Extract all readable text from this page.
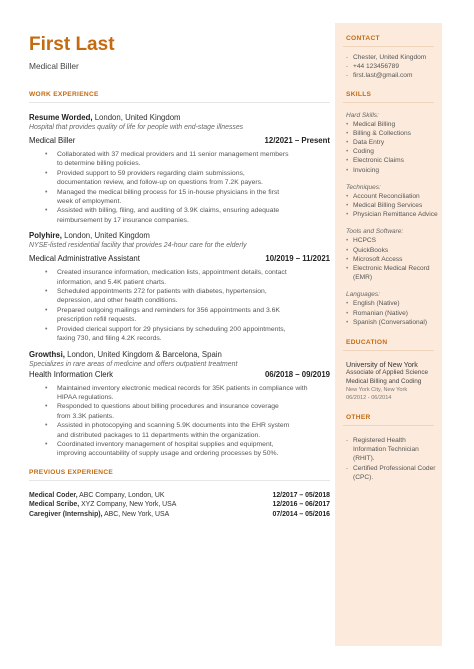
First Last
Medical Biller
WORK EXPERIENCE
Resume Worded, London, United Kingdom
Hospital that provides quality of life for people with end-stage illnesses
Medical Biller	12/2021 – Present
• Collaborated with 37 medical providers and 11 senior management members
to determine billing policies.
• Provided support to 59 providers regarding claim submissions,
documentation review, and follow-up on questions from 7.2K payers.
• Managed the medical billing process for 15 in-house physicians in the first
week of employment.
• Assisted with billing, filing, and auditing of 3.9K claims, ensuring adequate
reimbursement by 17 insurance companies.
Polyhire, London, United Kingdom
NYSE-listed residential facility that provides 24-hour care for the elderly
Medical Administrative Assistant	10/2019 – 11/2021
• Created insurance information, medication lists, appointment details, contact
information, and 5.4K patient charts.
• Scheduled appointments 272 for patients with diabetes, hypertension,
depression, and other health conditions.
• Prepared outgoing mailings and reminders for 356 appointments and 3.6K
prescription refill requests.
• Provided clerical support for 29 physicians by scheduling 200 appointments,
faxing 730, and filing 4.2K records.
Growthsi, London, United Kingdom & Barcelona, Spain
Specializes in rare areas of medicine and offers outpatient treatment
Health Information Clerk	06/2018 – 09/2019
• Maintained inventory electronic medical records for 35K patients in compliance with
HIPAA regulations.
• Responded to questions about billing procedures and insurance coverage
from 3.3K patients.
• Assisted in photocopying and scanning 5.9K documents into the EHR system
and distributed packages to 11 departments within the organization.
• Coordinated inventory management of hospital supplies and equipment,
improving accountability of supply usage and ordering processes by 50%.
PREVIOUS EXPERIENCE
Medical Coder, ABC Company, London, UK	12/2017 – 05/2018
Medical Scribe, XYZ Company, New York, USA	12/2016 – 06/2017
Caregiver (Internship), ABC, New York, USA	07/2014 – 05/2016
CONTACT
- Chester, United Kingdom
- +44 123456789
- first.last@gmail.com
SKILLS
Hard Skills:
• Medical Billing
• Billing & Collections
• Data Entry
• Coding
• Electronic Claims
• Invoicing
Techniques:
• Account Reconciliation
• Medical Billing Services
• Physician Remittance Advice
Tools and Software:
• HCPCS
• QuickBooks
• Microsoft Access
• Electronic Medical Record
(EMR)
Languages:
• English (Native)
• Romanian (Native)
• Spanish (Conversational)
EDUCATION
University of New York
Associate of Applied Science
Medical Billing and Coding
New York City, New York
06/2012 - 06/2014
OTHER
- Registered Health
Information Technician (RHIT).
- Certified Professional Coder
(CPC).
